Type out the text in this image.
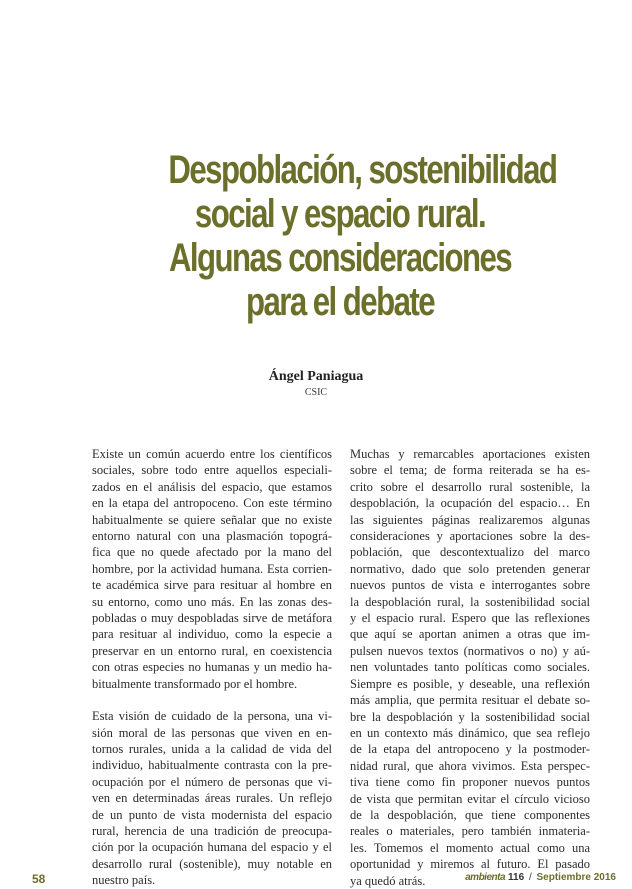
Despoblación, sostenibilidad
social y espacio rural.
Algunas consideraciones
para el debate
Ángel Paniagua
CSIC

Existe un común acuerdo entre los científicos
sociales, sobre todo entre aquellos especiali-
zados en el análisis del espacio, que estamos
en la etapa del antropoceno. Con este término
habitualmente se quiere señalar que no existe
entorno natural con una plasmación topográ-
fica que no quede afectado por la mano del
hombre, por la actividad humana. Esta corrien-
te académica sirve para resituar al hombre en
su entorno, como uno más. En las zonas des-
pobladas o muy despobladas sirve de metáfora
para resituar al individuo, como la especie a
preservar en un entorno rural, en coexistencia
con otras especies no humanas y un medio ha-
bitualmente transformado por el hombre.

Esta visión de cuidado de la persona, una vi-
sión moral de las personas que viven en en-
tornos rurales, unida a la calidad de vida del
individuo, habitualmente contrasta con la pre-
ocupación por el número de personas que vi-
ven en determinadas áreas rurales. Un reflejo
de un punto de vista modernista del espacio
rural, herencia de una tradición de preocupa-
ción por la ocupación humana del espacio y el
desarrollo rural (sostenible), muy notable en
nuestro país.

Muchas y remarcables aportaciones existen
sobre el tema; de forma reiterada se ha es-
crito sobre el desarrollo rural sostenible, la
despoblación, la ocupación del espacio… En
las siguientes páginas realizaremos algunas
consideraciones y aportaciones sobre la des-
población, que descontextualizo del marco
normativo, dado que solo pretenden generar
nuevos puntos de vista e interrogantes sobre
la despoblación rural, la sostenibilidad social
y el espacio rural. Espero que las reflexiones
que aquí se aportan animen a otras que im-
pulsen nuevos textos (normativos o no) y aú-
nen voluntades tanto políticas como sociales.
Siempre es posible, y deseable, una reflexión
más amplia, que permita resituar el debate so-
bre la despoblación y la sostenibilidad social
en un contexto más dinámico, que sea reflejo
de la etapa del antropoceno y la postmoder-
nidad rural, que ahora vivimos. Esta perspec-
tiva tiene como fin proponer nuevos puntos
de vista que permitan evitar el círculo vicioso
de la despoblación, que tiene componentes
reales o materiales, pero también inmateria-
les. Tomemos el momento actual como una
oportunidad y miremos al futuro. El pasado
ya quedó atrás.

58	ambienta 116 / Septiembre 2016
